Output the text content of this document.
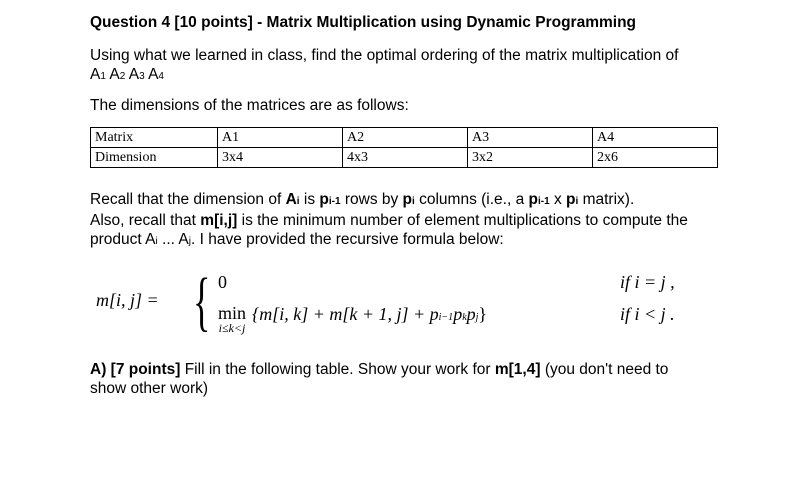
Question 4 [10 points] - Matrix Multiplication using Dynamic Programming
Using what we learned in class, find the optimal ordering of the matrix multiplication of
A1 A2 A3 A4
The dimensions of the matrices are as follows:
Matrix	A1	A2	A3	A4
Dimension	3x4	4x3	3x2	2x6
Recall that the dimension of Ai is pi-1 rows by pi columns (i.e., a pi-1 x pi matrix).
Also, recall that m[i,j] is the minimum number of element multiplications to compute the
product Ai ... Aj. I have provided the recursive formula below:
m[i, j] = { 0	if i = j ,
min
i≤k<j
{m[i, k] + m[k + 1, j] + pi−1pkpj}	if i < j .
A) [7 points] Fill in the following table. Show your work for m[1,4] (you don't need to
show other work)
